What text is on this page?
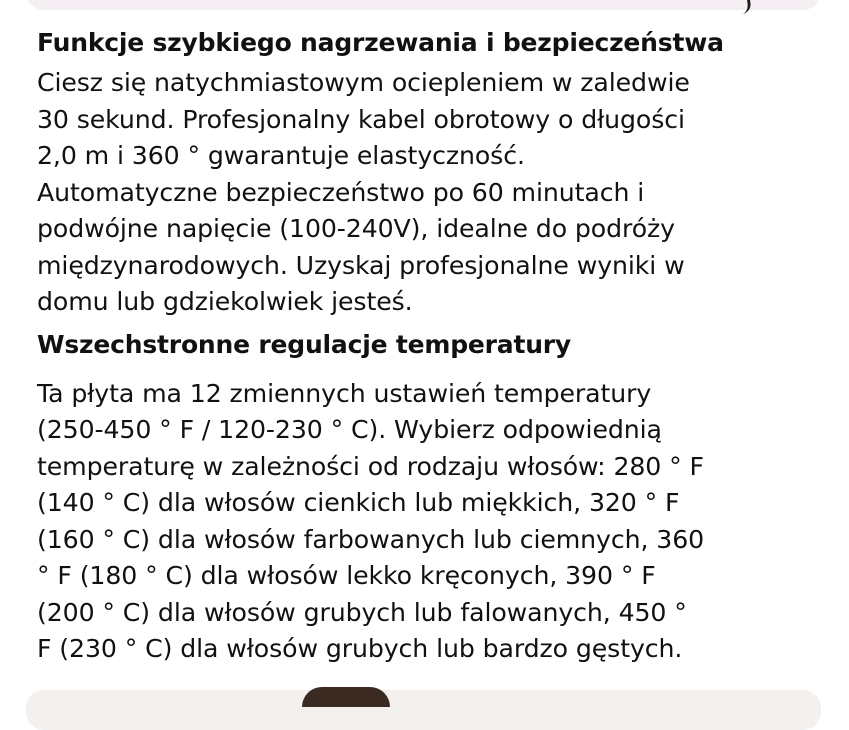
Funkcje szybkiego nagrzewania i bezpieczeństwa

Ciesz się natychmiastowym ociepleniem w zaledwie
30 sekund. Profesjonalny kabel obrotowy o długości
2,0 m i 360 ° gwarantuje elastyczność.
Automatyczne bezpieczeństwo po 60 minutach i
podwójne napięcie (100-240V), idealne do podróży
międzynarodowych. Uzyskaj profesjonalne wyniki w
domu lub gdziekolwiek jesteś.

Wszechstronne regulacje temperatury

Ta płyta ma 12 zmiennych ustawień temperatury
(250-450 ° F / 120-230 ° C). Wybierz odpowiednią
temperaturę w zależności od rodzaju włosów: 280 ° F
(140 ° C) dla włosów cienkich lub miękkich, 320 ° F
(160 ° C) dla włosów farbowanych lub ciemnych, 360
° F (180 ° C) dla włosów lekko kręconych, 390 ° F
(200 ° C) dla włosów grubych lub falowanych, 450 °
F (230 ° C) dla włosów grubych lub bardzo gęstych.
